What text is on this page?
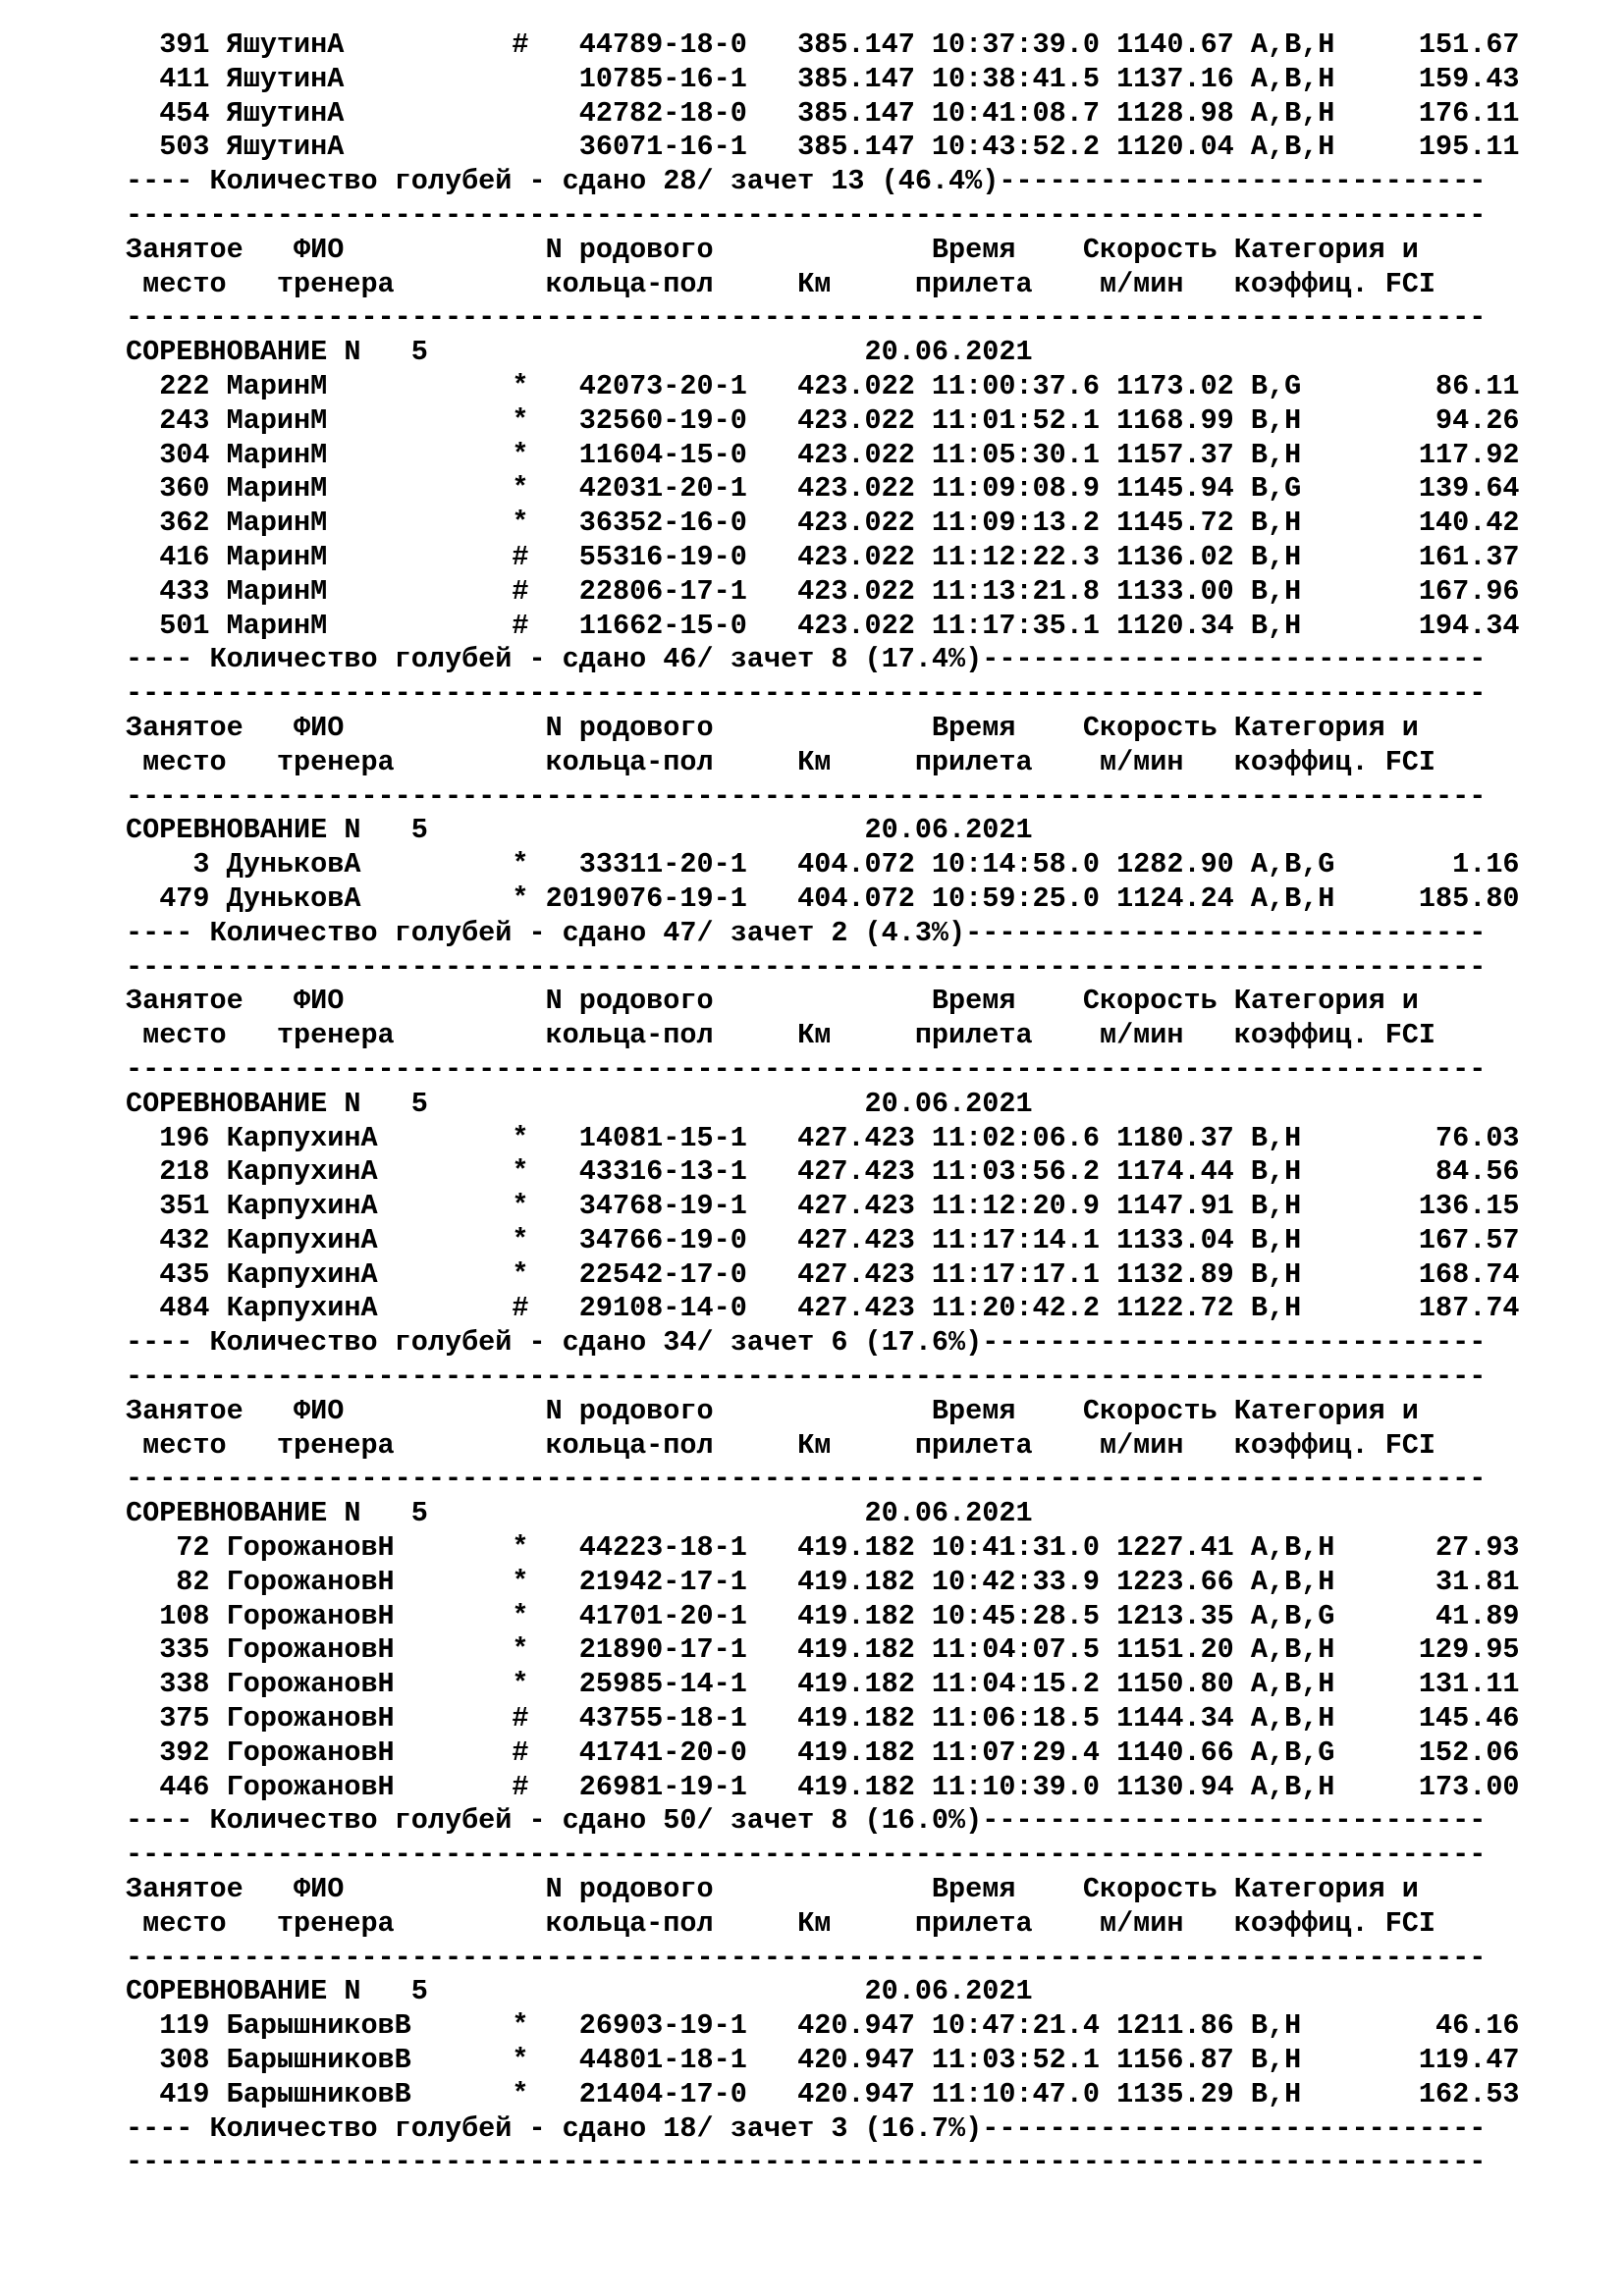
391 ЯшутинА          #   44789-18-0   385.147 10:37:39.0 1140.67 A,B,H     151.67
411 ЯшутинА              10785-16-1   385.147 10:38:41.5 1137.16 A,B,H     159.43
454 ЯшутинА              42782-18-0   385.147 10:41:08.7 1128.98 A,B,H     176.11
503 ЯшутинА              36071-16-1   385.147 10:43:52.2 1120.04 A,B,H     195.11
---- Количество голубей - сдано 28/ зачет 13 (46.4%)-----------------------------
---------------------------------------------------------------------------------
Занятое   ФИО            N родового             Время    Скорость Категория и
место   тренера         кольца-пол     Км     прилета    м/мин   коэффиц. FCI
---------------------------------------------------------------------------------
СОРЕВНОВАНИЕ N   5                          20.06.2021
222 МаринМ           *   42073-20-1   423.022 11:00:37.6 1173.02 B,G        86.11
243 МаринМ           *   32560-19-0   423.022 11:01:52.1 1168.99 B,H        94.26
304 МаринМ           *   11604-15-0   423.022 11:05:30.1 1157.37 B,H       117.92
360 МаринМ           *   42031-20-1   423.022 11:09:08.9 1145.94 B,G       139.64
362 МаринМ           *   36352-16-0   423.022 11:09:13.2 1145.72 B,H       140.42
416 МаринМ           #   55316-19-0   423.022 11:12:22.3 1136.02 B,H       161.37
433 МаринМ           #   22806-17-1   423.022 11:13:21.8 1133.00 B,H       167.96
501 МаринМ           #   11662-15-0   423.022 11:17:35.1 1120.34 B,H       194.34
---- Количество голубей - сдано 46/ зачет 8 (17.4%)------------------------------
---------------------------------------------------------------------------------
Занятое   ФИО            N родового             Время    Скорость Категория и
место   тренера         кольца-пол     Км     прилета    м/мин   коэффиц. FCI
---------------------------------------------------------------------------------
СОРЕВНОВАНИЕ N   5                          20.06.2021
3 ДуньковА         *   33311-20-1   404.072 10:14:58.0 1282.90 A,B,G       1.16
479 ДуньковА         * 2019076-19-1   404.072 10:59:25.0 1124.24 A,B,H     185.80
---- Количество голубей - сдано 47/ зачет 2 (4.3%)-------------------------------
---------------------------------------------------------------------------------
Занятое   ФИО            N родового             Время    Скорость Категория и
место   тренера         кольца-пол     Км     прилета    м/мин   коэффиц. FCI
---------------------------------------------------------------------------------
СОРЕВНОВАНИЕ N   5                          20.06.2021
196 КарпухинА        *   14081-15-1   427.423 11:02:06.6 1180.37 B,H        76.03
218 КарпухинА        *   43316-13-1   427.423 11:03:56.2 1174.44 B,H        84.56
351 КарпухинА        *   34768-19-1   427.423 11:12:20.9 1147.91 B,H       136.15
432 КарпухинА        *   34766-19-0   427.423 11:17:14.1 1133.04 B,H       167.57
435 КарпухинА        *   22542-17-0   427.423 11:17:17.1 1132.89 B,H       168.74
484 КарпухинА        #   29108-14-0   427.423 11:20:42.2 1122.72 B,H       187.74
---- Количество голубей - сдано 34/ зачет 6 (17.6%)------------------------------
---------------------------------------------------------------------------------
Занятое   ФИО            N родового             Время    Скорость Категория и
место   тренера         кольца-пол     Км     прилета    м/мин   коэффиц. FCI
---------------------------------------------------------------------------------
СОРЕВНОВАНИЕ N   5                          20.06.2021
72 ГорожановН       *   44223-18-1   419.182 10:41:31.0 1227.41 A,B,H      27.93
82 ГорожановН       *   21942-17-1   419.182 10:42:33.9 1223.66 A,B,H      31.81
108 ГорожановН       *   41701-20-1   419.182 10:45:28.5 1213.35 A,B,G      41.89
335 ГорожановН       *   21890-17-1   419.182 11:04:07.5 1151.20 A,B,H     129.95
338 ГорожановН       *   25985-14-1   419.182 11:04:15.2 1150.80 A,B,H     131.11
375 ГорожановН       #   43755-18-1   419.182 11:06:18.5 1144.34 A,B,H     145.46
392 ГорожановН       #   41741-20-0   419.182 11:07:29.4 1140.66 A,B,G     152.06
446 ГорожановН       #   26981-19-1   419.182 11:10:39.0 1130.94 A,B,H     173.00
---- Количество голубей - сдано 50/ зачет 8 (16.0%)------------------------------
---------------------------------------------------------------------------------
Занятое   ФИО            N родового             Время    Скорость Категория и
место   тренера         кольца-пол     Км     прилета    м/мин   коэффиц. FCI
---------------------------------------------------------------------------------
СОРЕВНОВАНИЕ N   5                          20.06.2021
119 БарышниковВ      *   26903-19-1   420.947 10:47:21.4 1211.86 B,H        46.16
308 БарышниковВ      *   44801-18-1   420.947 11:03:52.1 1156.87 B,H       119.47
419 БарышниковВ      *   21404-17-0   420.947 11:10:47.0 1135.29 B,H       162.53
---- Количество голубей - сдано 18/ зачет 3 (16.7%)------------------------------
---------------------------------------------------------------------------------
